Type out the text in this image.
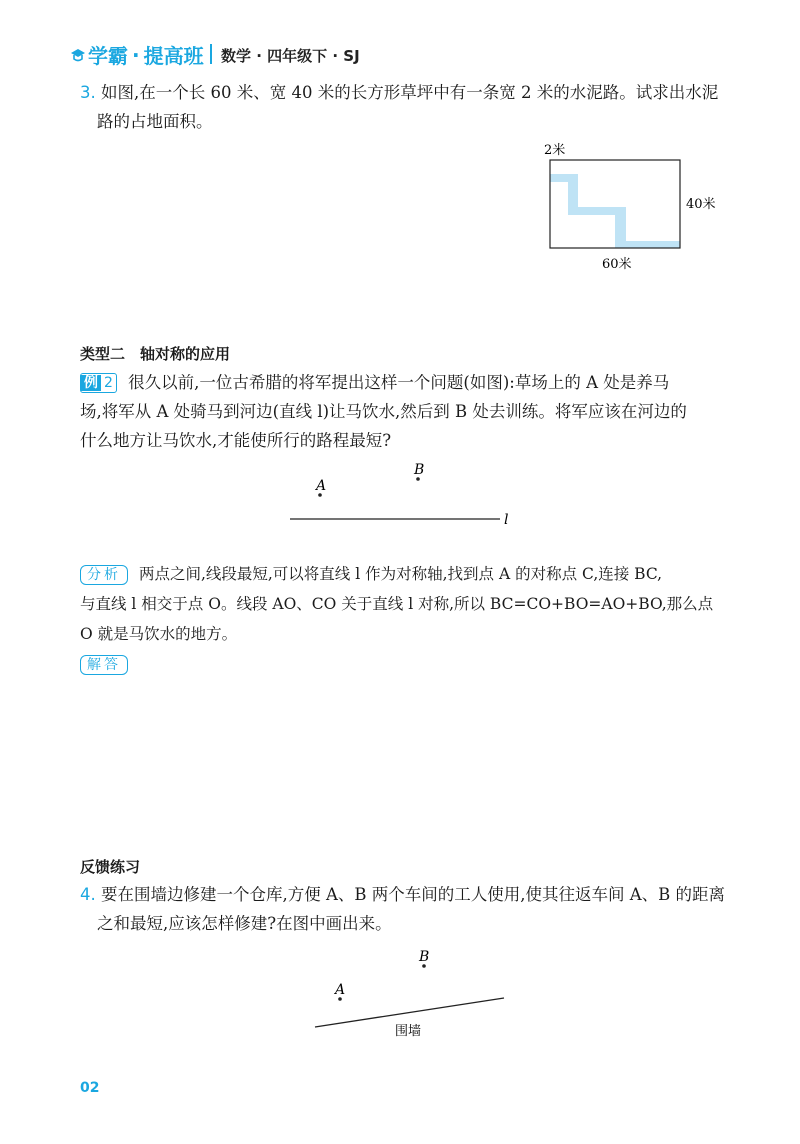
学霸 · 提高班 数学 · 四年级下 · SJ
3. 如图,在一个长 60 米、宽 40 米的长方形草坪中有一条宽 2 米的水泥路。试求出水泥
路的占地面积。
2米
40米
60米
类型二　轴对称的应用
例 2 很久以前,一位古希腊的将军提出这样一个问题(如图):草场上的 A 处是养马
场,将军从 A 处骑马到河边(直线 l)让马饮水,然后到 B 处去训练。将军应该在河边的
什么地方让马饮水,才能使所行的路程最短?
A
B
l
分析 两点之间,线段最短,可以将直线 l 作为对称轴,找到点 A 的对称点 C,连接 BC,
与直线 l 相交于点 O。线段 AO、CO 关于直线 l 对称,所以 BC=CO+BO=AO+BO,那么点
O 就是马饮水的地方。
解答
反馈练习
4. 要在围墙边修建一个仓库,方便 A、B 两个车间的工人使用,使其往返车间 A、B 的距离
之和最短,应该怎样修建?在图中画出来。
B
A
围墙
02
